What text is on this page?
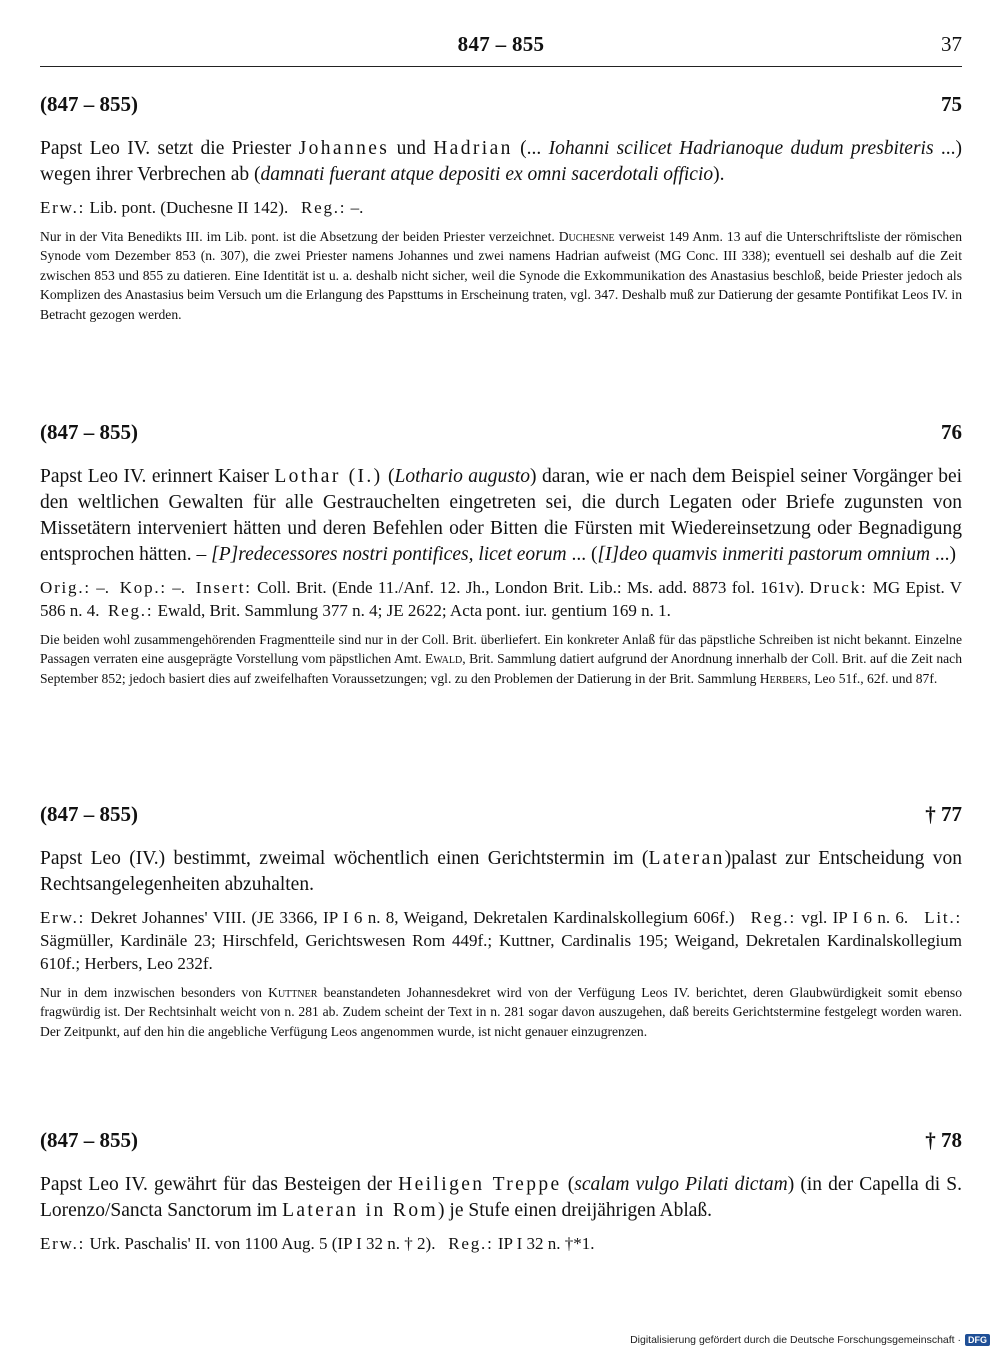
847 – 855	37
(847 – 855)	75
Papst Leo IV. setzt die Priester Johannes und Hadrian (... Iohanni scilicet Hadrianoque dudum presbiteris ...) wegen ihrer Verbrechen ab (damnati fuerant atque depositi ex omni sacerdotali officio).
Erw.: Lib. pont. (Duchesne II 142). Reg.: –.
Nur in der Vita Benedikts III. im Lib. pont. ist die Absetzung der beiden Priester verzeichnet. Duchesne verweist 149 Anm. 13 auf die Unterschriftsliste der römischen Synode vom Dezember 853 (n. 307), die zwei Priester namens Johannes und zwei namens Hadrian aufweist (MG Conc. III 338); eventuell sei deshalb auf die Zeit zwischen 853 und 855 zu datieren. Eine Identität ist u. a. deshalb nicht sicher, weil die Synode die Exkommunikation des Anastasius beschloß, beide Priester jedoch als Komplizen des Anastasius beim Versuch um die Erlangung des Papsttums in Erscheinung traten, vgl. 347. Deshalb muß zur Datierung der gesamte Pontifikat Leos IV. in Betracht gezogen werden.
(847 – 855)	76
Papst Leo IV. erinnert Kaiser Lothar (I.) (Lothario augusto) daran, wie er nach dem Beispiel seiner Vorgänger bei den weltlichen Gewalten für alle Gestrauchelten eingetreten sei, die durch Legaten oder Briefe zugunsten von Missetätern interveniert hätten und deren Befehlen oder Bitten die Fürsten mit Wiedereinsetzung oder Begnadigung entsprochen hätten. – [P]redecessores nostri pontifices, licet eorum ... ([I]deo quamvis inmeriti pastorum omnium ...)
Orig.: –.  Kop.: –.  Insert: Coll. Brit. (Ende 11./Anf. 12. Jh., London Brit. Lib.: Ms. add. 8873 fol. 161v). Druck: MG Epist. V 586 n. 4.  Reg.: Ewald, Brit. Sammlung 377 n. 4; JE 2622; Acta pont. iur. gentium 169 n. 1.
Die beiden wohl zusammengehörenden Fragmentteile sind nur in der Coll. Brit. überliefert. Ein konkreter Anlaß für das päpstliche Schreiben ist nicht bekannt. Einzelne Passagen verraten eine ausgeprägte Vorstellung vom päpstlichen Amt. Ewald, Brit. Sammlung datiert aufgrund der Anordnung innerhalb der Coll. Brit. auf die Zeit nach September 852; jedoch basiert dies auf zweifelhaften Voraussetzungen; vgl. zu den Problemen der Datierung in der Brit. Sammlung Herbers, Leo 51f., 62f. und 87f.
(847 – 855)	† 77
Papst Leo (IV.) bestimmt, zweimal wöchentlich einen Gerichtstermin im (Lateran)palast zur Entscheidung von Rechtsangelegenheiten abzuhalten.
Erw.: Dekret Johannes' VIII. (JE 3366, IP I 6 n. 8, Weigand, Dekretalen Kardinalskollegium 606f.)   Reg.: vgl. IP I 6 n. 6.   Lit.: Sägmüller, Kardinäle 23; Hirschfeld, Gerichtswesen Rom 449f.; Kuttner, Cardinalis 195; Weigand, Dekretalen Kardinalskollegium 610f.; Herbers, Leo 232f.
Nur in dem inzwischen besonders von Kuttner beanstandeten Johannesdekret wird von der Verfügung Leos IV. berichtet, deren Glaubwürdigkeit somit ebenso fragwürdig ist. Der Rechtsinhalt weicht von n. 281 ab. Zudem scheint der Text in n. 281 sogar davon auszugehen, daß bereits Gerichtstermine festgelegt worden waren. Der Zeitpunkt, auf den hin die angebliche Verfügung Leos angenommen wurde, ist nicht genauer einzugrenzen.
(847 – 855)	† 78
Papst Leo IV. gewährt für das Besteigen der Heiligen Treppe (scalam vulgo Pilati dictam) (in der Capella di S. Lorenzo/Sancta Sanctorum im Lateran in Rom) je Stufe einen dreijährigen Ablaß.
Erw.: Urk. Paschalis' II. von 1100 Aug. 5 (IP I 32 n. † 2).   Reg.: IP I 32 n. †*1.
Digitalisierung gefördert durch die Deutsche Forschungsgemeinschaft · DFG
